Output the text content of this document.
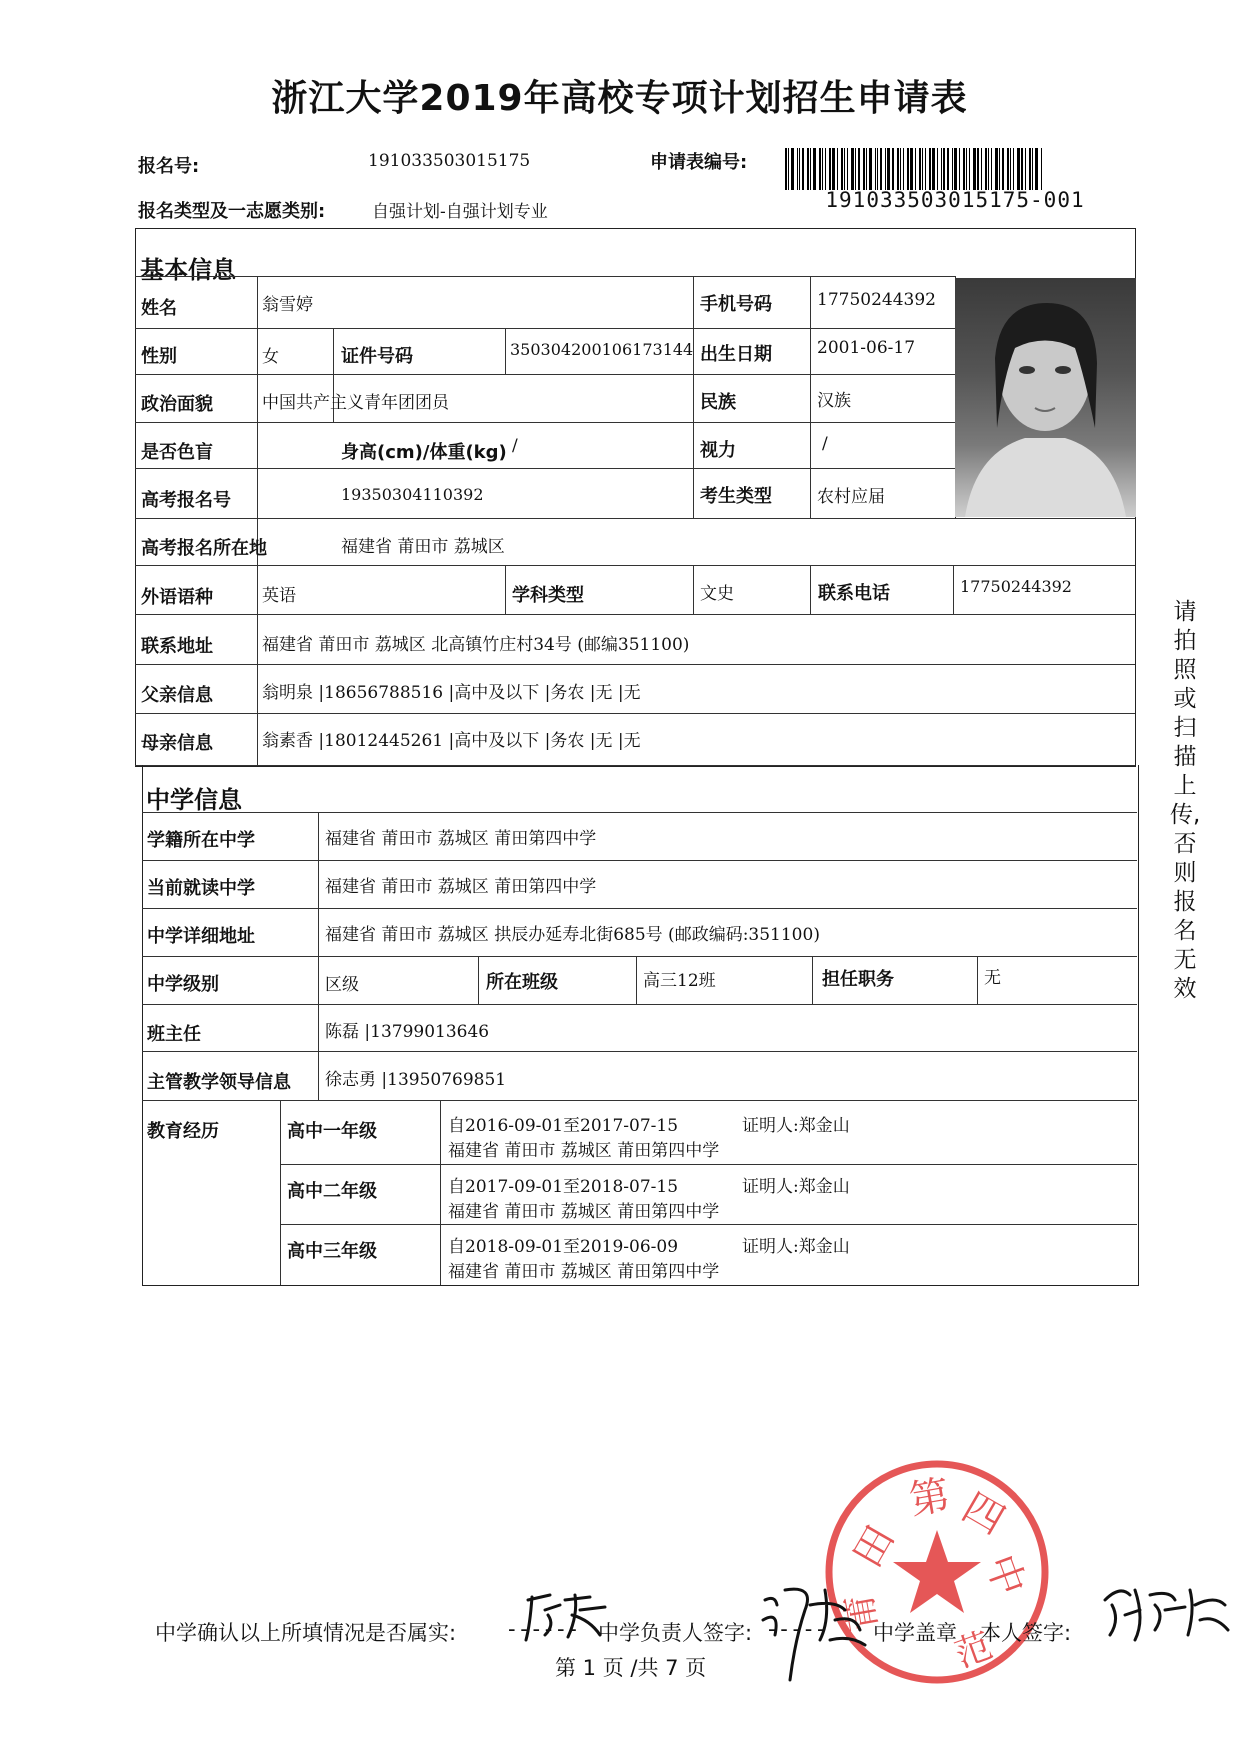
浙江大学2019年高校专项计划招生申请表
报名号:	191033503015175	申请表编号:
191033503015175-001
报名类型及一志愿类别:	自强计划-自强计划专业
基本信息
姓名	翁雪婷	手机号码	17750244392
性别	女	证件号码	350304200106173144 出生日期	2001-06-17
政治面貌	中国共产主义青年团团员	民族	汉族
是否色盲	身高(cm)/体重(kg) /	视力	/
高考报名号	19350304110392	考生类型	农村应届
高考报名所在地	福建省 莆田市 荔城区
外语语种	英语	学科类型	文史	联系电话	17750244392
联系地址	福建省 莆田市 荔城区 北高镇竹庄村34号 (邮编351100)
父亲信息	翁明泉 |18656788516 |高中及以下 |务农 |无 |无
母亲信息	翁素香 |18012445261 |高中及以下 |务农 |无 |无
中学信息
学籍所在中学	福建省 莆田市 荔城区 莆田第四中学
当前就读中学	福建省 莆田市 荔城区 莆田第四中学
中学详细地址	福建省 莆田市 荔城区 拱辰办延寿北街685号 (邮政编码:351100)
中学级别	区级	所在班级	高三12班	担任职务	无
班主任	陈磊 |13799013646
主管教学领导信息 徐志勇 |13950769851
教育经历	高中一年级	自2016-09-01至2017-07-15	证明人:郑金山
福建省 莆田市 荔城区 莆田第四中学
高中二年级	自2017-09-01至2018-07-15	证明人:郑金山
福建省 莆田市 荔城区 莆田第四中学
高中三年级	自2018-09-01至2019-06-09	证明人:郑金山
福建省 莆田市 荔城区 莆田第四中学
请拍照或扫描上传,否则报名无效
田
第 四
中
范
莆
中学确认以上所填情况是否属实: - - - - - - 中学负责人签字: - - - - - 中学盖章 本人签字:
第 1 页 /共 7 页
